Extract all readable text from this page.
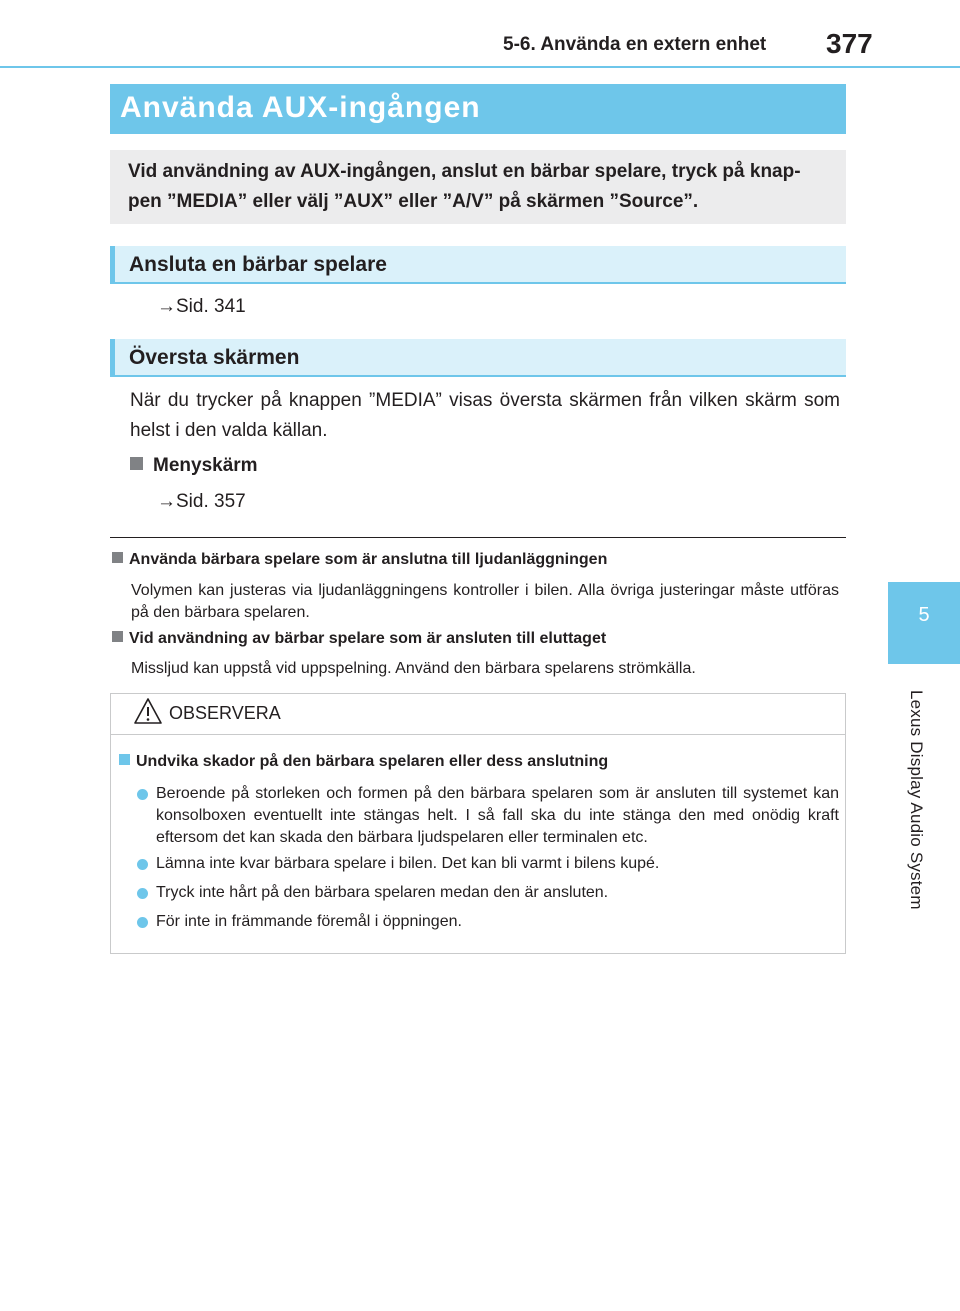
5-6. Använda en extern enhet 377
5
Lexus Display Audio System
Använda AUX-ingången
Vid användning av AUX-ingången, anslut en bärbar spelare, tryck på knap- pen ”MEDIA” eller välj ”AUX” eller ”A/V” på skärmen ”Source”.
Ansluta en bärbar spelare
→Sid. 341
Översta skärmen
När du trycker på knappen ”MEDIA” visas översta skärmen från vilken skärm som helst i den valda källan.
Menyskärm
→Sid. 357
Använda bärbara spelare som är anslutna till ljudanläggningen
Volymen kan justeras via ljudanläggningens kontroller i bilen. Alla övriga justeringar måste utföras på den bärbara spelaren.
Vid användning av bärbar spelare som är ansluten till eluttaget
Missljud kan uppstå vid uppspelning. Använd den bärbara spelarens strömkälla.
OBSERVERA
Undvika skador på den bärbara spelaren eller dess anslutning
Beroende på storleken och formen på den bärbara spelaren som är ansluten till systemet kan konsolboxen eventuellt inte stängas helt. I så fall ska du inte stänga den med onödig kraft eftersom det kan skada den bärbara ljudspelaren eller terminalen etc.
Lämna inte kvar bärbara spelare i bilen. Det kan bli varmt i bilens kupé.
Tryck inte hårt på den bärbara spelaren medan den är ansluten.
För inte in främmande föremål i öppningen.
